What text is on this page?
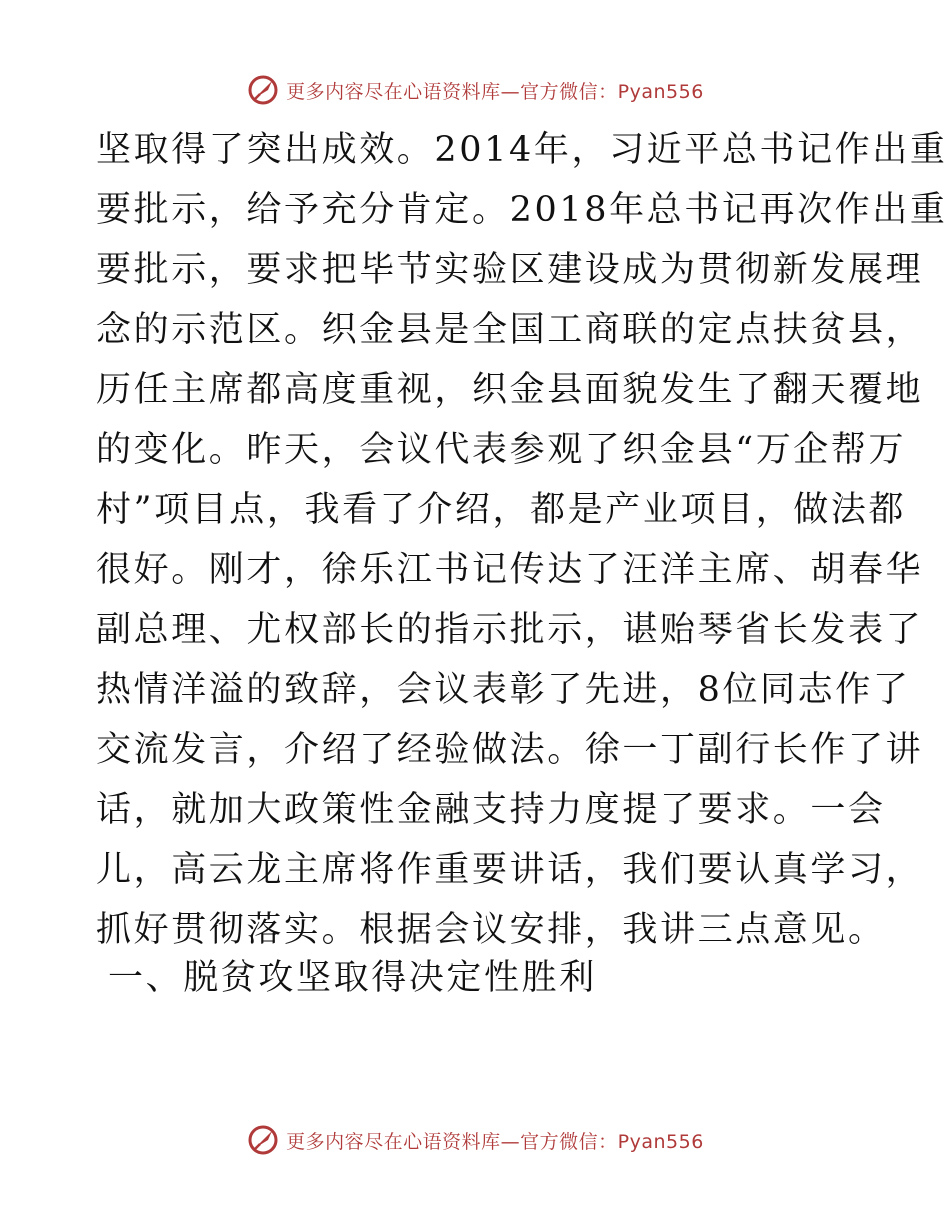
更多内容尽在心语资料库—官方微信：Pyan556
坚取得了突出成效。2014年，习近平总书记作出重
要批示，给予充分肯定。2018年总书记再次作出重
要批示，要求把毕节实验区建设成为贯彻新发展理
念的示范区。织金县是全国工商联的定点扶贫县，
历任主席都高度重视，织金县面貌发生了翻天覆地
的变化。昨天，会议代表参观了织金县“万企帮万
村”项目点，我看了介绍，都是产业项目，做法都
很好。刚才，徐乐江书记传达了汪洋主席、胡春华
副总理、尤权部长的指示批示，谌贻琴省长发表了
热情洋溢的致辞，会议表彰了先进，8位同志作了
交流发言，介绍了经验做法。徐一丁副行长作了讲
话，就加大政策性金融支持力度提了要求。一会
儿，高云龙主席将作重要讲话，我们要认真学习，
抓好贯彻落实。根据会议安排，我讲三点意见。
一、脱贫攻坚取得决定性胜利
更多内容尽在心语资料库—官方微信：Pyan556
